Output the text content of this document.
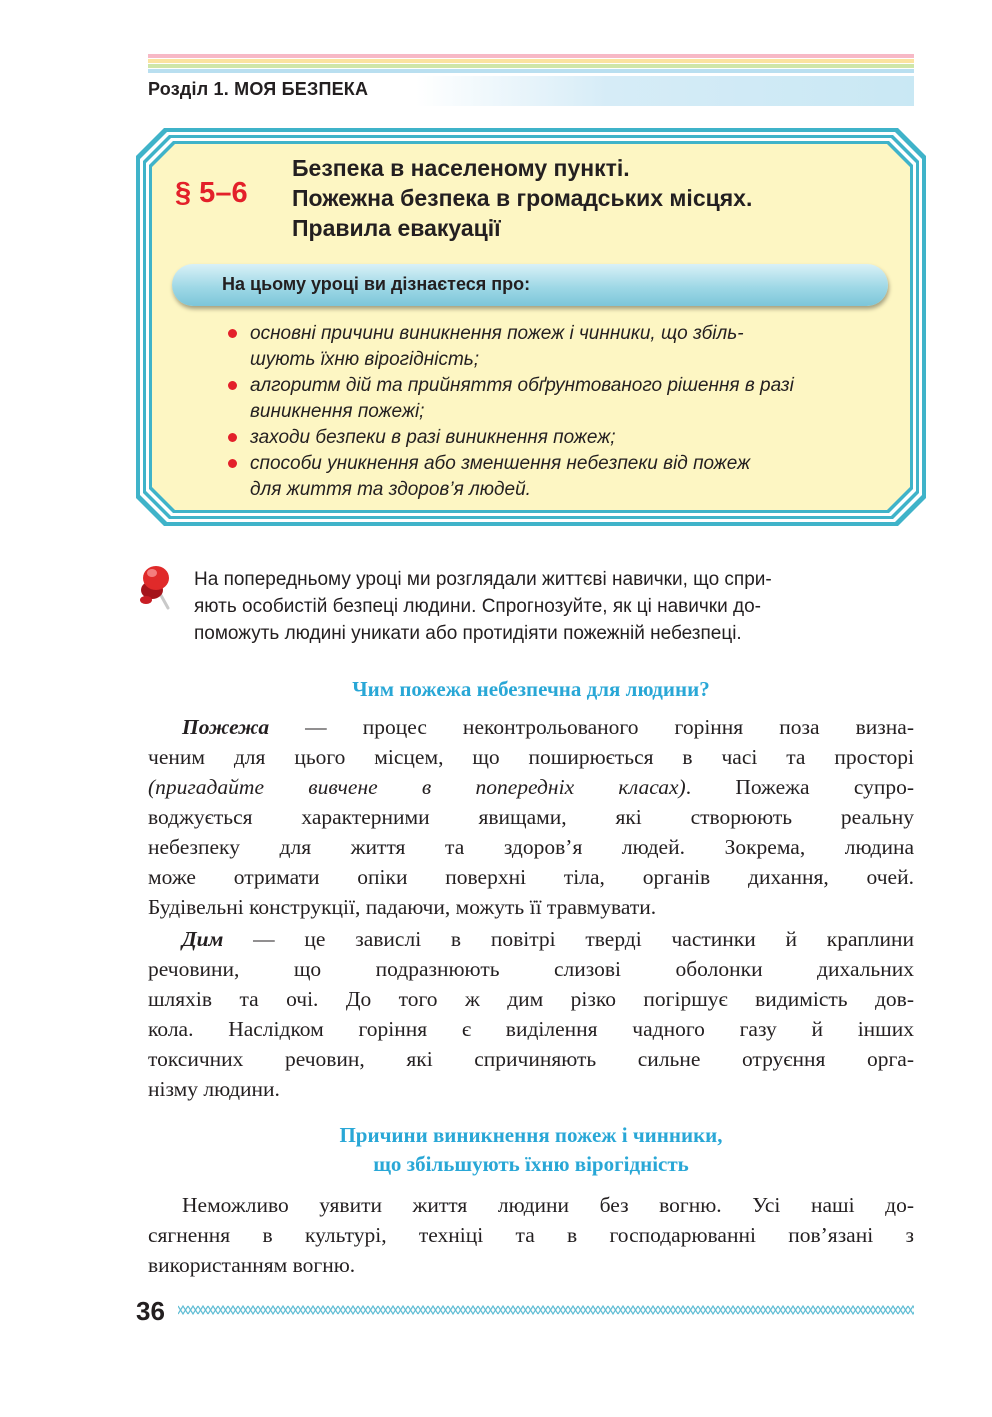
Розділ 1. МОЯ БЕЗПЕКА
§ 5–6
Безпека в населеному пункті.
Пожежна безпека в громадських місцях.
Правила евакуації
На цьому уроці ви дізнаєтеся про:
основні причини виникнення пожеж і чинники, що збіль-
шують їхню вірогідність;
алгоритм дій та прийняття обґрунтованого рішення в разі
виникнення пожежі;
заходи безпеки в разі виникнення пожеж;
способи уникнення або зменшення небезпеки від пожеж
для життя та здоров’я людей.
На попередньому уроці ми розглядали життєві навички, що спри-
яють особистій безпеці людини. Спрогнозуйте, як ці навички до-
поможуть людині уникати або протидіяти пожежній небезпеці.
Чим пожежа небезпечна для людини?
Пожежа — процес неконтрольованого горіння поза визна-
ченим для цього місцем, що поширюється в часі та просторі
(пригадайте вивчене в попередніх класах). Пожежа супро-
воджується характерними явищами, які створюють реальну
небезпеку для життя та здоров’я людей. Зокрема, людина
може отримати опіки поверхні тіла, органів дихання, очей.
Будівельні конструкції, падаючи, можуть її травмувати.
Дим — це завислі в повітрі тверді частинки й краплини
речовини, що подразнюють слизові оболонки дихальних
шляхів та очі. До того ж дим різко погіршує видимість дов-
кола. Наслідком горіння є виділення чадного газу й інших
токсичних речовин, які спричиняють сильне отруєння орга-
нізму людини.
Причини виникнення пожеж і чинники,
що збільшують їхню вірогідність
Неможливо уявити життя людини без вогню. Усі наші до-
сягнення в культурі, техніці та в господарюванні пов’язані з
використанням вогню.
36
